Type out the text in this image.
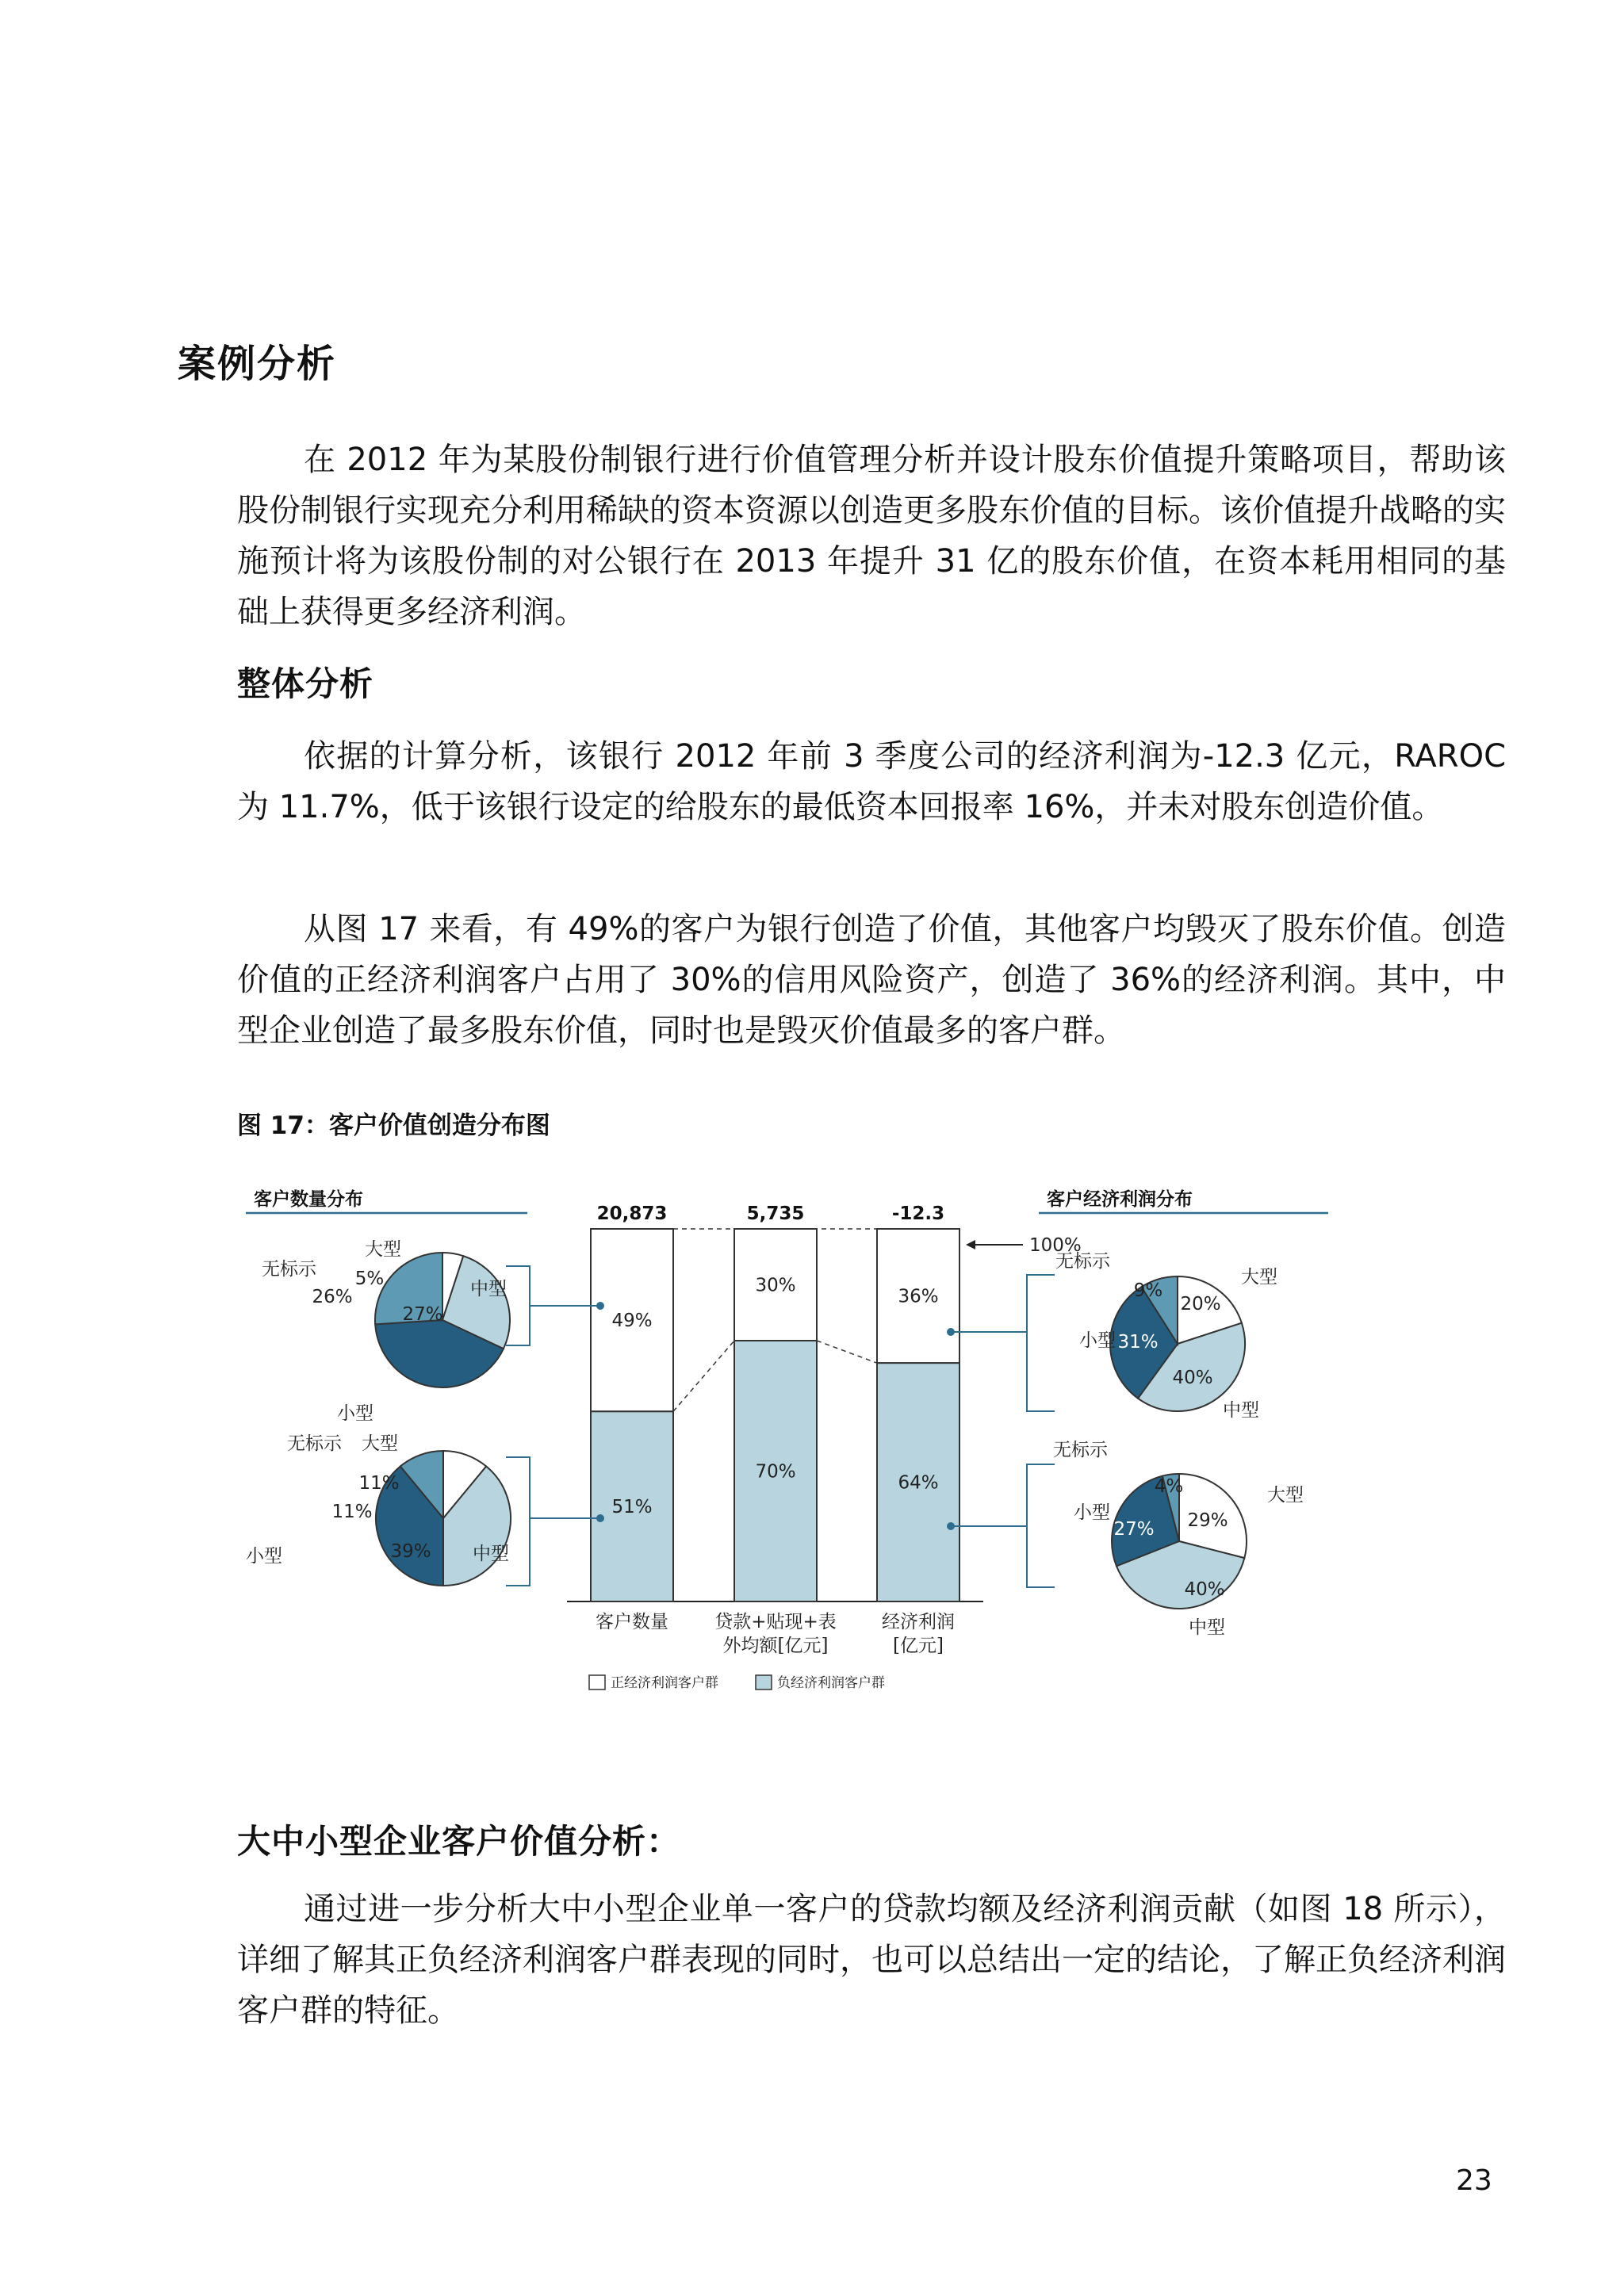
案例分析

在 2012 年为某股份制银行进行价值管理分析并设计股东价值提升策略项目，帮助该股份制银行实现充分利用稀缺的资本资源以创造更多股东价值的目标。该价值提升战略的实施预计将为该股份制的对公银行在 2013 年提升 31 亿的股东价值，在资本耗用相同的基础上获得更多经济利润。

整体分析

依据的计算分析，该银行 2012 年前 3 季度公司的经济利润为-12.3 亿元，RAROC 为 11.7%，低于该银行设定的给股东的最低资本回报率 16%，并未对股东创造价值。

从图 17 来看，有 49%的客户为银行创造了价值，其他客户均毁灭了股东价值。创造价值的正经济利润客户占用了 30%的信用风险资产，创造了 36%的经济利润。其中，中型企业创造了最多股东价值，同时也是毁灭价值最多的客户群。

图 17：客户价值创造分布图
客户数量分布	客户经济利润分布
20,873	5,735	-12.3
49%
51%
30%
70%
36%
64%
100%
客户数量	贷款+贴现+表
外均额[亿元]
经济利润
[亿元]
正经济利润客户群	负经济利润客户群
5%
大型
27%
中型
42%
小型
26%
无标示
11%
大型
39% 中型
39%
小型
11%
无标示
20%
大型
40%
中型
31%
小型
9%
无标示
29%
大型
40%
中型
27%
小型
4%
无标示
大中小型企业客户价值分析：

通过进一步分析大中小型企业单一客户的贷款均额及经济利润贡献（如图 18 所示），详细了解其正负经济利润客户群表现的同时，也可以总结出一定的结论，了解正负经济利润客户群的特征。

23
